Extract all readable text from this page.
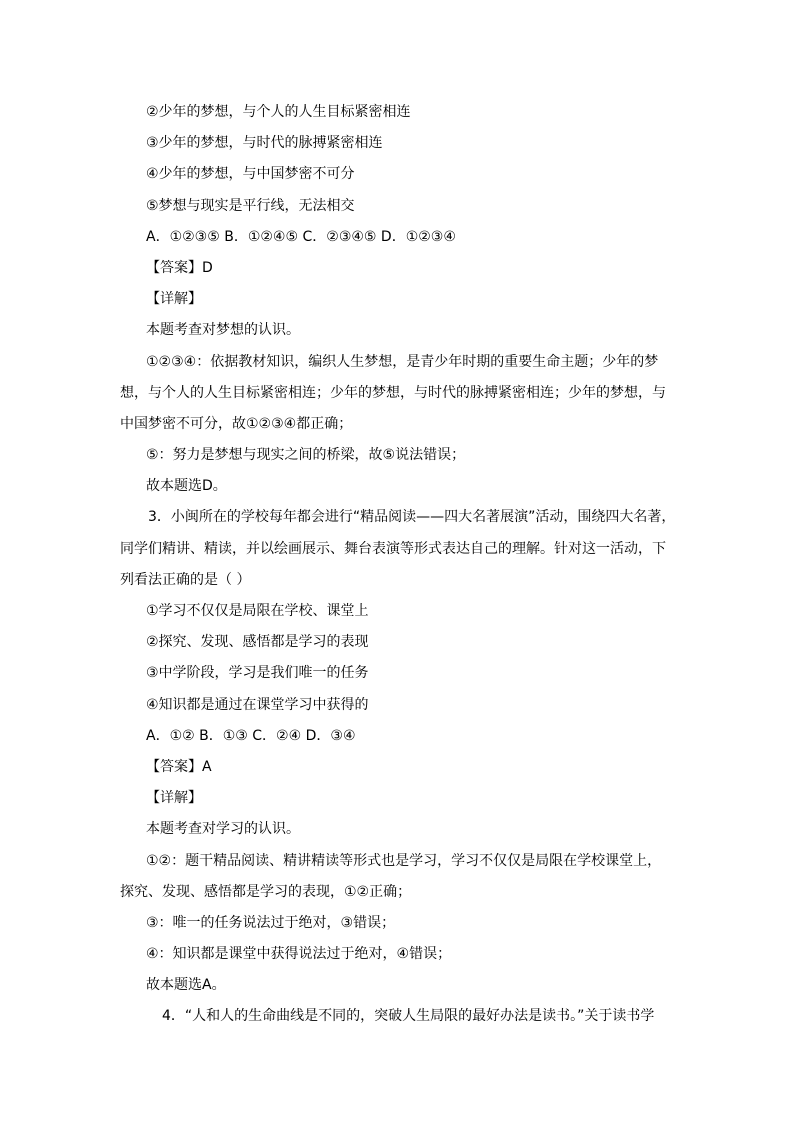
②少年的梦想，与个人的人生目标紧密相连
③少年的梦想，与时代的脉搏紧密相连
④少年的梦想，与中国梦密不可分
⑤梦想与现实是平行线，无法相交
A．①②③⑤ B．①②④⑤ C．②③④⑤ D．①②③④
【答案】D
【详解】
本题考查对梦想的认识。
①②③④：依据教材知识，编织人生梦想，是青少年时期的重要生命主题；少年的梦
想，与个人的人生目标紧密相连；少年的梦想，与时代的脉搏紧密相连；少年的梦想，与
中国梦密不可分，故①②③④都正确；
⑤：努力是梦想与现实之间的桥梁，故⑤说法错误；
故本题选D。
3．小闽所在的学校每年都会进行“精品阅读——四大名著展演”活动，围绕四大名著，
同学们精讲、精读，并以绘画展示、舞台表演等形式表达自己的理解。针对这一活动，下
列看法正确的是（ ）
①学习不仅仅是局限在学校、课堂上
②探究、发现、感悟都是学习的表现
③中学阶段，学习是我们唯一的任务
④知识都是通过在课堂学习中获得的
A．①② B．①③ C．②④ D．③④
【答案】A
【详解】
本题考查对学习的认识。
①②：题干精品阅读、精讲精读等形式也是学习，学习不仅仅是局限在学校课堂上，
探究、发现、感悟都是学习的表现，①②正确；
③：唯一的任务说法过于绝对，③错误；
④：知识都是课堂中获得说法过于绝对，④错误；
故本题选A。
4．“人和人的生命曲线是不同的，突破人生局限的最好办法是读书。”关于读书学
